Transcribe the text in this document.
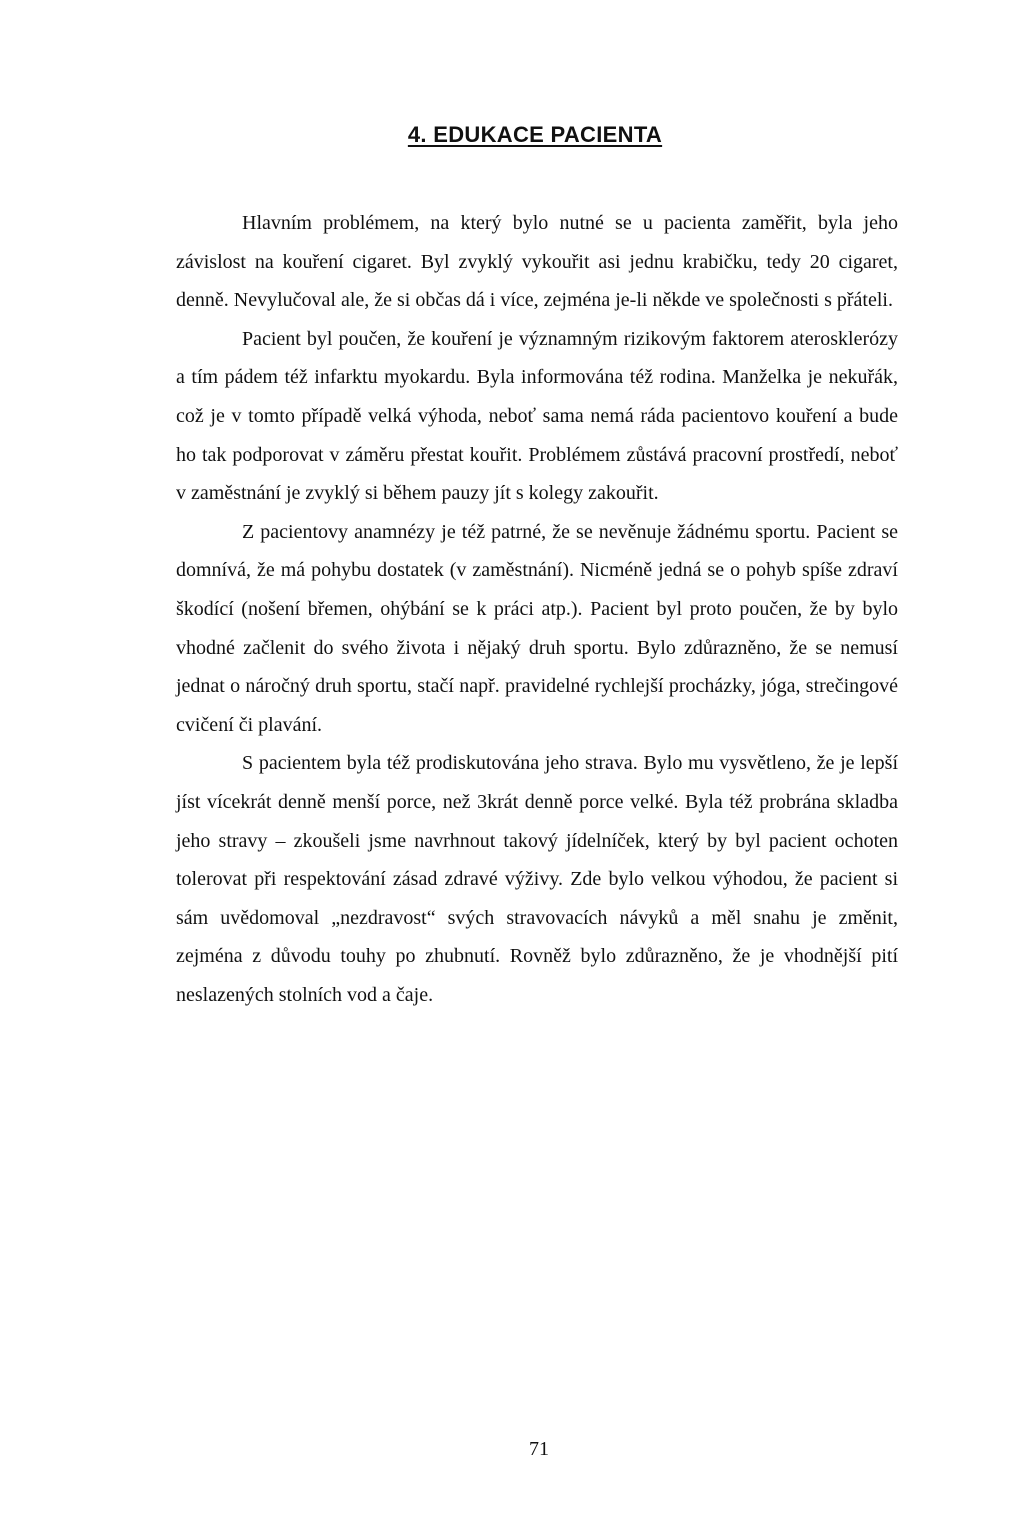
4. EDUKACE PACIENTA

Hlavním problémem, na který bylo nutné se u pacienta zaměřit, byla jeho závislost na kouření cigaret. Byl zvyklý vykouřit asi jednu krabičku, tedy 20 cigaret, denně. Nevylučoval ale, že si občas dá i více, zejména je-li někde ve společnosti s přáteli.

Pacient byl poučen, že kouření je významným rizikovým faktorem aterosklerózy a tím pádem též infarktu myokardu. Byla informována též rodina. Manželka je nekuřák, což je v tomto případě velká výhoda, neboť sama nemá ráda pacientovo kouření a bude ho tak podporovat v záměru přestat kouřit. Problémem zůstává pracovní prostředí, neboť v zaměstnání je zvyklý si během pauzy jít s kolegy zakouřit.

Z pacientovy anamnézy je též patrné, že se nevěnuje žádnému sportu. Pacient se domnívá, že má pohybu dostatek (v zaměstnání). Nicméně jedná se o pohyb spíše zdraví škodící (nošení břemen, ohýbání se k práci atp.). Pacient byl proto poučen, že by bylo vhodné začlenit do svého života i nějaký druh sportu. Bylo zdůrazněno, že se nemusí jednat o náročný druh sportu, stačí např. pravidelné rychlejší procházky, jóga, strečingové cvičení či plavání.

S pacientem byla též prodiskutována jeho strava. Bylo mu vysvětleno, že je lepší jíst vícekrát denně menší porce, než 3krát denně porce velké. Byla též probrána skladba jeho stravy – zkoušeli jsme navrhnout takový jídelníček, který by byl pacient ochoten tolerovat při respektování zásad zdravé výživy. Zde bylo velkou výhodou, že pacient si sám uvědomoval „nezdravost“ svých stravovacích návyků a měl snahu je změnit, zejména z důvodu touhy po zhubnutí. Rovněž bylo zdůrazněno, že je vhodnější pití neslazených stolních vod a čaje.

71
